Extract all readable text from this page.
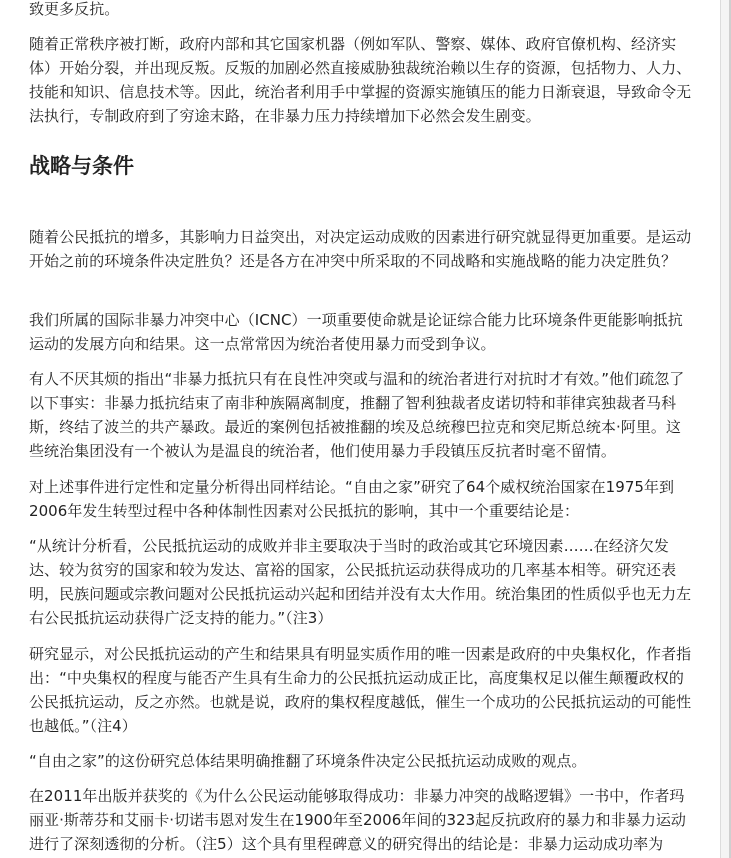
致更多反抗。

随着正常秩序被打断，政府内部和其它国家机器（例如军队、警察、媒体、政府官僚机构、经济实体）开始分裂，并出现反叛。反叛的加剧必然直接威胁独裁统治赖以生存的资源，包括物力、人力、技能和知识、信息技术等。因此，统治者利用手中掌握的资源实施镇压的能力日渐衰退，导致命令无法执行，专制政府到了穷途末路，在非暴力压力持续增加下必然会发生剧变。

战略与条件

随着公民抵抗的增多，其影响力日益突出，对决定运动成败的因素进行研究就显得更加重要。是运动开始之前的环境条件决定胜负？还是各方在冲突中所采取的不同战略和实施战略的能力决定胜负？

我们所属的国际非暴力冲突中心（ICNC）一项重要使命就是论证综合能力比环境条件更能影响抵抗运动的发展方向和结果。这一点常常因为统治者使用暴力而受到争议。

有人不厌其烦的指出“非暴力抵抗只有在良性冲突或与温和的统治者进行对抗时才有效。”他们疏忽了以下事实：非暴力抵抗结束了南非种族隔离制度，推翻了智利独裁者皮诺切特和菲律宾独裁者马科斯，终结了波兰的共产暴政。最近的案例包括被推翻的埃及总统穆巴拉克和突尼斯总统本·阿里。这些统治集团没有一个被认为是温良的统治者，他们使用暴力手段镇压反抗者时毫不留情。

对上述事件进行定性和定量分析得出同样结论。“自由之家”研究了64个威权统治国家在1975年到2006年发生转型过程中各种体制性因素对公民抵抗的影响，其中一个重要结论是：

“从统计分析看，公民抵抗运动的成败并非主要取决于当时的政治或其它环境因素……在经济欠发达、较为贫穷的国家和较为发达、富裕的国家，公民抵抗运动获得成功的几率基本相等。研究还表明，民族问题或宗教问题对公民抵抗运动兴起和团结并没有太大作用。统治集团的性质似乎也无力左右公民抵抗运动获得广泛支持的能力。”（注3）

研究显示，对公民抵抗运动的产生和结果具有明显实质作用的唯一因素是政府的中央集权化，作者指出：“中央集权的程度与能否产生具有生命力的公民抵抗运动成正比，高度集权足以催生颠覆政权的公民抵抗运动，反之亦然。也就是说，政府的集权程度越低，催生一个成功的公民抵抗运动的可能性也越低。”（注4）

“自由之家”的这份研究总体结果明确推翻了环境条件决定公民抵抗运动成败的观点。

在2011年出版并获奖的《为什么公民运动能够取得成功：非暴力冲突的战略逻辑》一书中，作者玛丽亚·斯蒂芬和艾丽卡·切诺韦恩对发生在1900年至2006年间的323起反抗政府的暴力和非暴力运动进行了深刻透彻的分析。（注5）这个具有里程碑意义的研究得出的结论是：非暴力运动成功率为
